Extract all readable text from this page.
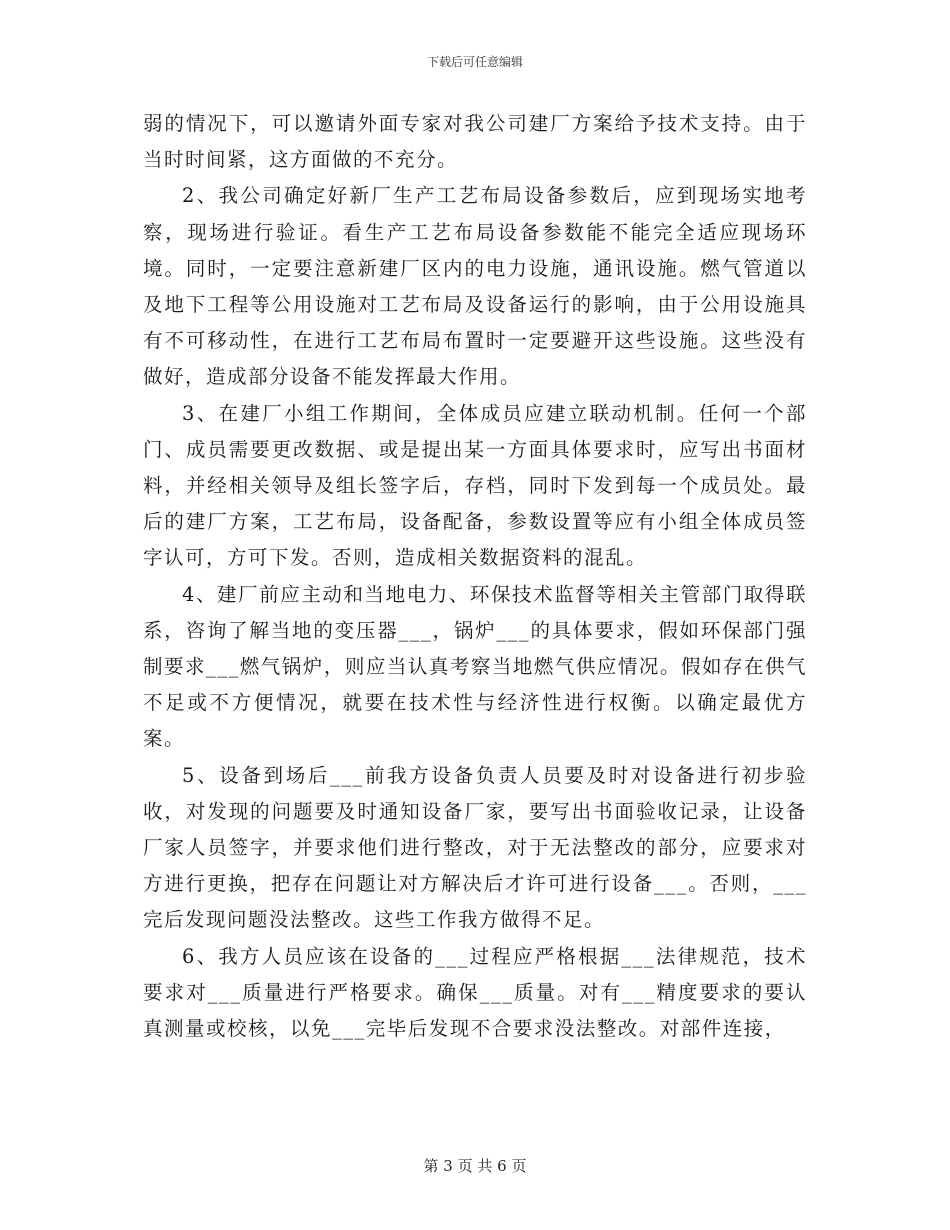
下载后可任意编辑

弱的情况下，可以邀请外面专家对我公司建厂方案给予技术支持。由于当时时间紧，这方面做的不充分。

2、我公司确定好新厂生产工艺布局设备参数后，应到现场实地考察，现场进行验证。看生产工艺布局设备参数能不能完全适应现场环境。同时，一定要注意新建厂区内的电力设施，通讯设施。燃气管道以及地下工程等公用设施对工艺布局及设备运行的影响，由于公用设施具有不可移动性，在进行工艺布局布置时一定要避开这些设施。这些没有做好，造成部分设备不能发挥最大作用。

3、在建厂小组工作期间，全体成员应建立联动机制。任何一个部门、成员需要更改数据、或是提出某一方面具体要求时，应写出书面材料，并经相关领导及组长签字后，存档，同时下发到每一个成员处。最后的建厂方案，工艺布局，设备配备，参数设置等应有小组全体成员签字认可，方可下发。否则，造成相关数据资料的混乱。

4、建厂前应主动和当地电力、环保技术监督等相关主管部门取得联系，咨询了解当地的变压器___，锅炉___的具体要求，假如环保部门强制要求___燃气锅炉，则应当认真考察当地燃气供应情况。假如存在供气不足或不方便情况，就要在技术性与经济性进行权衡。以确定最优方案。

5、设备到场后___前我方设备负责人员要及时对设备进行初步验收，对发现的问题要及时通知设备厂家，要写出书面验收记录，让设备厂家人员签字，并要求他们进行整改，对于无法整改的部分，应要求对方进行更换，把存在问题让对方解决后才许可进行设备___。否则，___完后发现问题没法整改。这些工作我方做得不足。

6、我方人员应该在设备的___过程应严格根据___法律规范，技术要求对___质量进行严格要求。确保___质量。对有___精度要求的要认真测量或校核，以免___完毕后发现不合要求没法整改。对部件连接，

第 3 页 共 6 页
